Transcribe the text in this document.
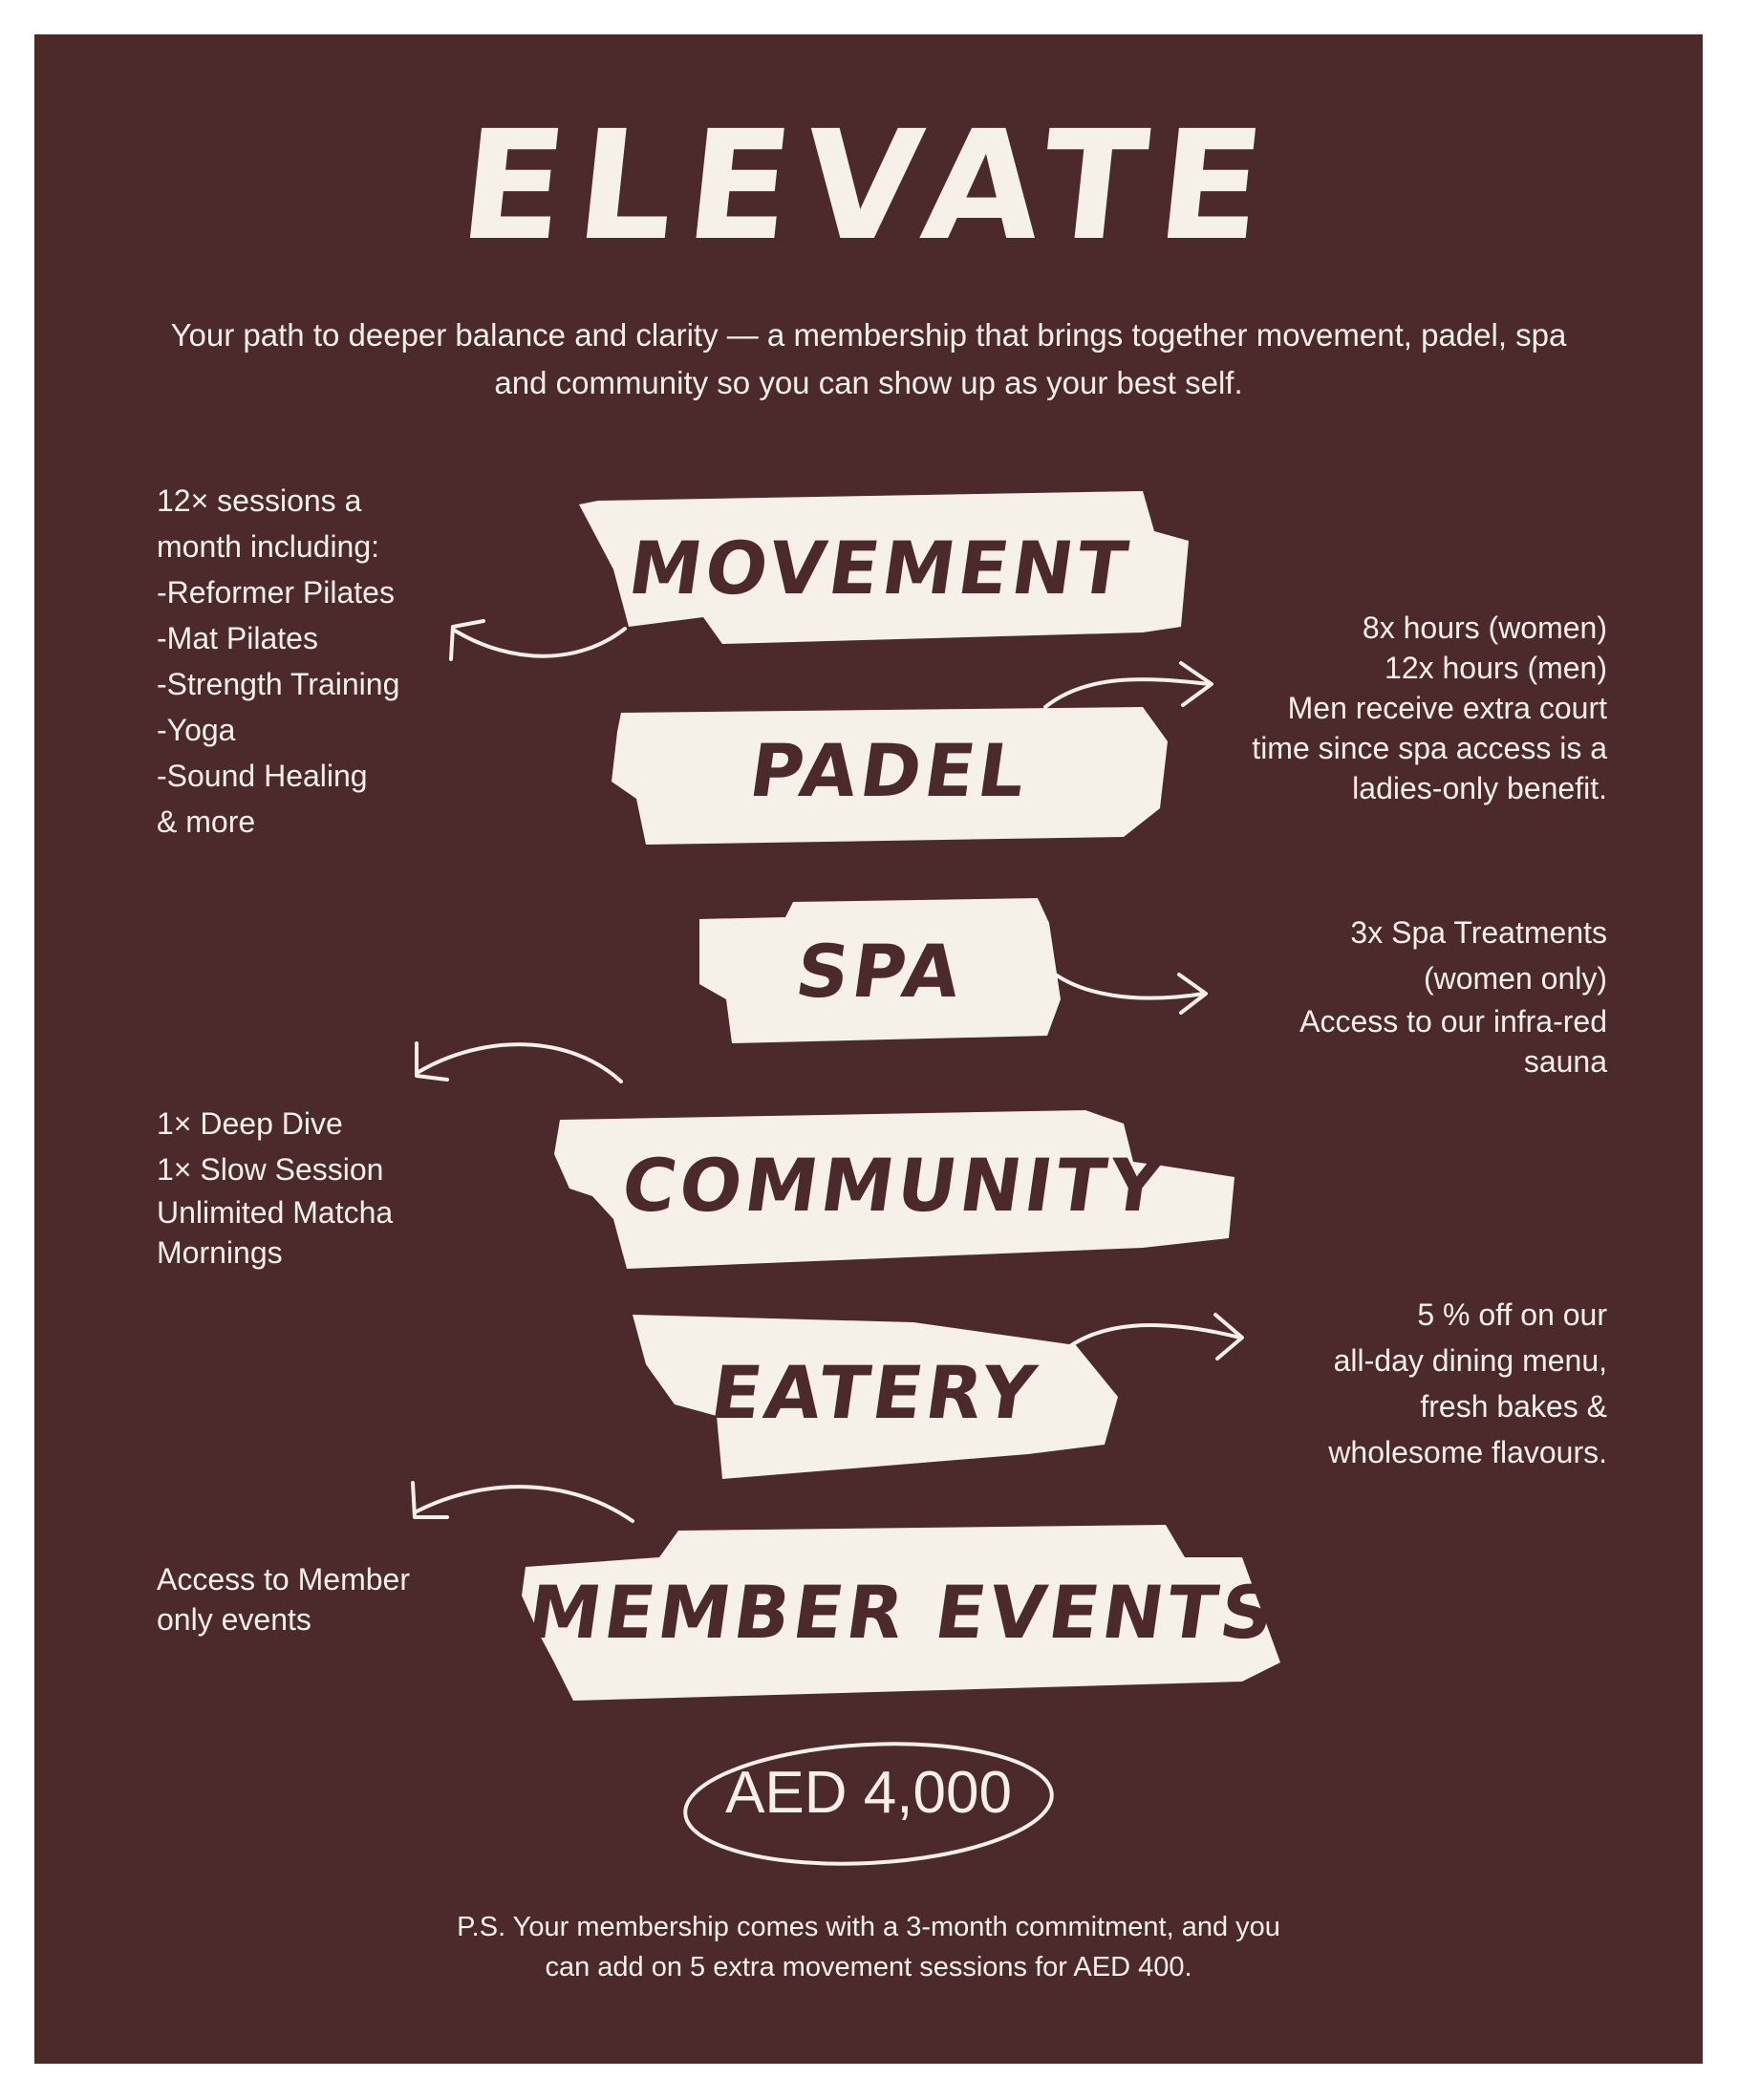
ELEVATE
Your path to deeper balance and clarity — a membership that brings together movement, padel, spa and community so you can show up as your best self.
MOVEMENT
12× sessions a
month including:
-Reformer Pilates
-Mat Pilates
-Strength Training
-Yoga
-Sound Healing
& more
PADEL
8x hours (women)
12x hours (men)
Men receive extra court
time since spa access is a
ladies-only benefit.
SPA	3x Spa Treatments
(women only)
Access to our infra-red
sauna
COMMUNITY
1× Deep Dive
1× Slow Session
Unlimited Matcha
Mornings
EATERY
5 % off on our
all-day dining menu,
fresh bakes &
wholesome flavours.
MEMBER EVENTS
Access to Member
only events
AED 4,000
P.S. Your membership comes with a 3-month commitment, and you
can add on 5 extra movement sessions for AED 400.
